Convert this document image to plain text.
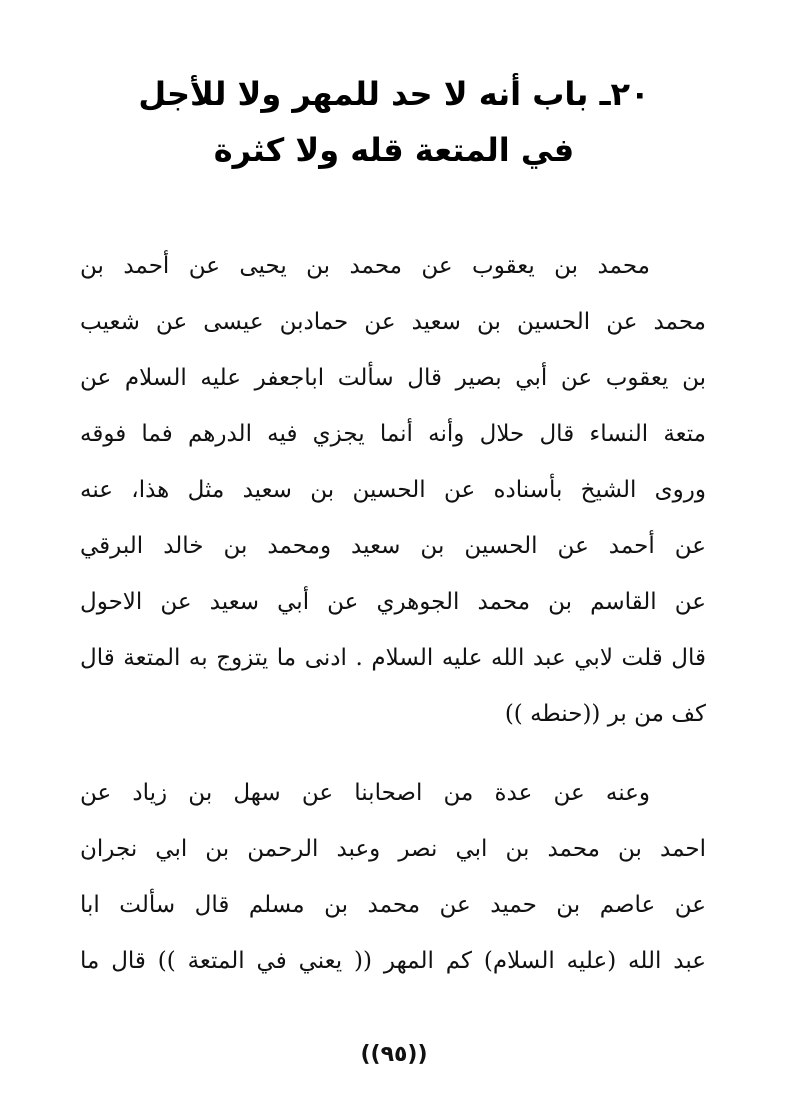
٢٠ـ باب أنه لا حد للمهر ولا للأجل
في المتعة قله ولا كثرة
محمد بن يعقوب عن محمد بن يحيى عن أحمد بن
محمد عن الحسين بن سعيد عن حمادبن عيسى عن شعيب
بن يعقوب عن أبي بصير قال سألت اباجعفر عليه السلام عن
متعة النساء قال حلال وأنه أنما يجزي فيه الدرهم فما فوقه
وروى الشيخ بأسناده عن الحسين بن سعيد مثل هذا، عنه
عن أحمد عن الحسين بن سعيد ومحمد بن خالد البرقي
عن القاسم بن محمد الجوهري عن أبي سعيد عن الاحول
قال قلت لابي عبد الله عليه السلام . ادنى ما يتزوج به المتعة قال
كف من بر ((حنطه ))
وعنه عن عدة من اصحابنا عن سهل بن زياد عن
احمد بن محمد بن ابي نصر وعبد الرحمن بن ابي نجران
عن عاصم بن حميد عن محمد بن مسلم قال سألت ابا
عبد الله (عليه السلام) كم المهر (( يعني في المتعة )) قال ما
((٩٥))
